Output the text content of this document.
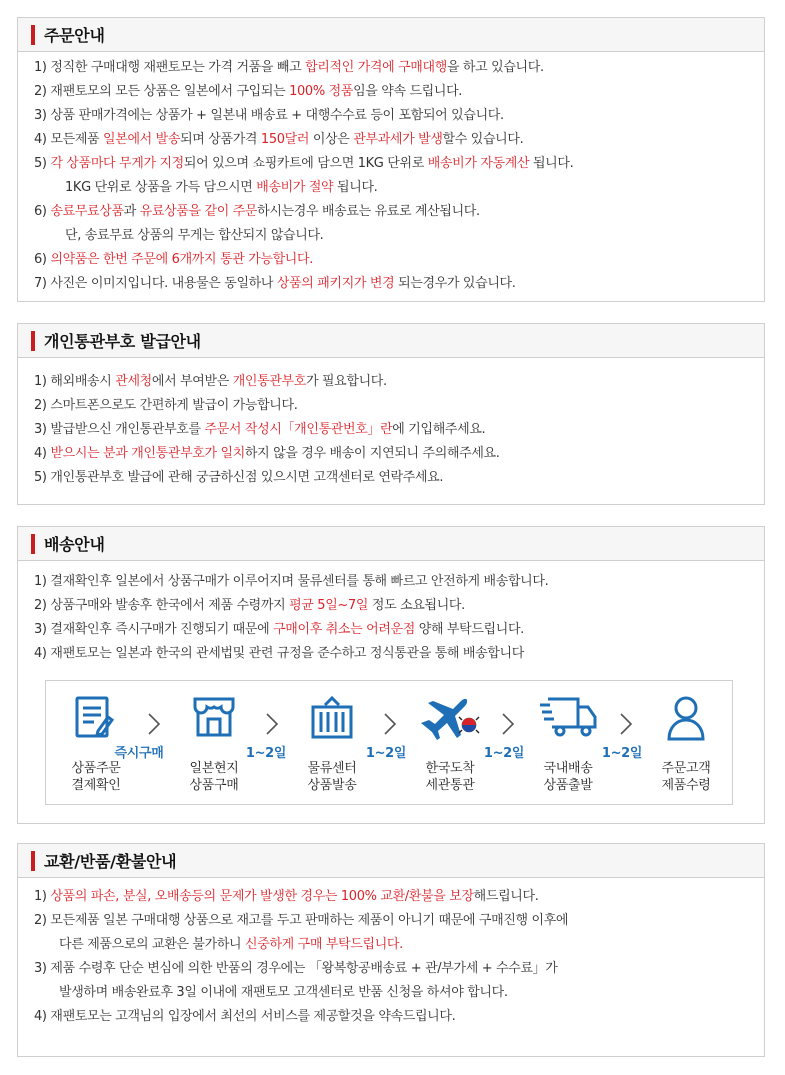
주문안내
1) 정직한 구매대행 재팬토모는 가격 거품을 빼고 합리적인 가격에 구매대행을 하고 있습니다.
2) 재팬토모의 모든 상품은 일본에서 구입되는 100% 정품임을 약속 드립니다.
3) 상품 판매가격에는 상품가 + 일본내 배송료 + 대행수수료 등이 포함되어 있습니다.
4) 모든제품 일본에서 발송되며 상품가격 150달러 이상은 관부과세가 발생할수 있습니다.
5) 각 상품마다 무게가 지정되어 있으며 쇼핑카트에 담으면 1KG 단위로 배송비가 자동계산 됩니다.
1KG 단위로 상품을 가득 담으시면 배송비가 절약 됩니다.
6) 송료무료상품과 유료상품을 같이 주문하시는경우 배송료는 유료로 계산됩니다.
단, 송료무료 상품의 무게는 합산되지 않습니다.
6) 의약품은 한번 주문에 6개까지 통관 가능합니다.
7) 사진은 이미지입니다. 내용물은 동일하나 상품의 패키지가 변경 되는경우가 있습니다.
개인통관부호 발급안내
1) 해외배송시 관세청에서 부여받은 개인통관부호가 필요합니다.
2) 스마트폰으로도 간편하게 발급이 가능합니다.
3) 발급받으신 개인통관부호를 주문서 작성시「개인통관번호」란에 기입해주세요.
4) 받으시는 분과 개인통관부호가 일치하지 않을 경우 배송이 지연되니 주의해주세요.
5) 개인통관부호 발급에 관해 궁금하신점 있으시면 고객센터로 연락주세요.
배송안내
1) 결재확인후 일본에서 상품구매가 이루어지며 물류센터를 통해 빠르고 안전하게 배송합니다.
2) 상품구매와 발송후 한국에서 제품 수령까지 평균 5일~7일 정도 소요됩니다.
3) 결재확인후 즉시구매가 진행되기 때문에 구매이후 취소는 어려운점 양해 부탁드립니다.
4) 재팬토모는 일본과 한국의 관세법및 관련 규정을 준수하고 정식통관을 통해 배송합니다
상품주문
결제확인
즉시구매
일본현지
상품구매
1~2일
물류센터
상품발송
1~2일
한국도착
세관통관
1~2일
국내배송
상품출발
1~2일
주문고객
제품수령
교환/반품/환불안내
1) 상품의 파손, 분실, 오배송등의 문제가 발생한 경우는 100% 교환/환불을 보장해드립니다.
2) 모든제품 일본 구매대행 상품으로 재고를 두고 판매하는 제품이 아니기 때문에 구매진행 이후에
다른 제품으로의 교환은 불가하니 신중하게 구매 부탁드립니다.
3) 제품 수령후 단순 변심에 의한 반품의 경우에는 「왕복항공배송료 + 관/부가세 + 수수료」가
발생하며 배송완료후 3일 이내에 재팬토모 고객센터로 반품 신청을 하셔야 합니다.
4) 재팬토모는 고객님의 입장에서 최선의 서비스를 제공할것을 약속드립니다.
